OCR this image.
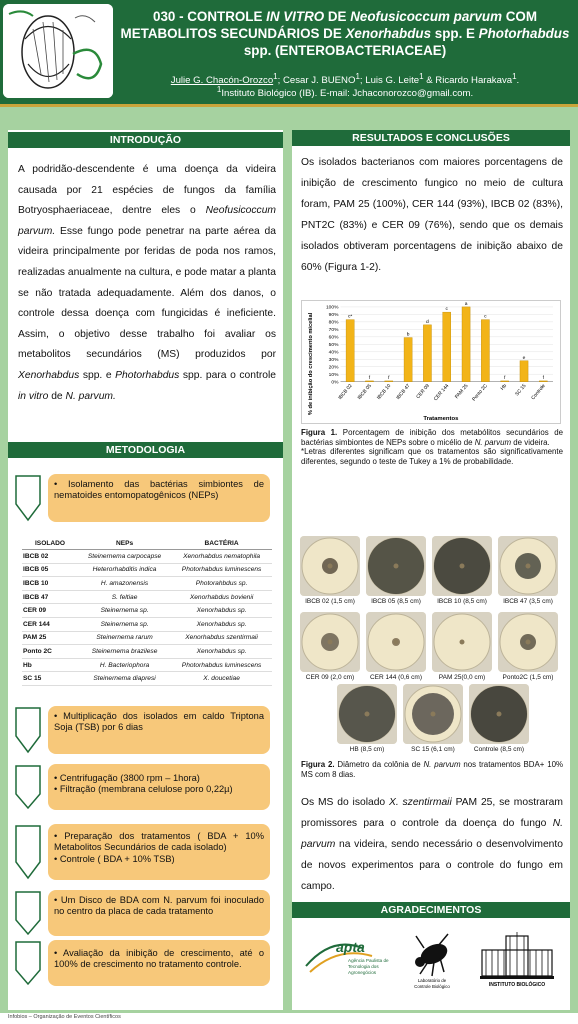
030 - CONTROLE IN VITRO DE Neofusicoccum parvum COM METABOLITOS SECUNDÁRIOS DE Xenorhabdus spp. E Photorhabdus spp. (ENTEROBACTERIACEAE)
Julie G. Chacón-Orozco$^1$; Cesar J. BUENO$^1$; Luis G. Leite$^1$ & Ricardo Harakava$^1$.
$^1$Instituto Biológico (IB). E-mail: Jchaconorozco@gmail.com.
INTRODUÇÃO
A podridão-descendente é uma doença da videira causada por 21 espécies de fungos da família Botryosphaeriaceae, dentre eles o Neofusicoccum parvum. Esse fungo pode penetrar na parte aérea da videira principalmente por feridas de poda nos ramos, realizadas anualmente na cultura, e pode matar a planta se não tratada adequadamente. Além dos danos, o controle dessa doença com fungicidas é ineficiente. Assim, o objetivo desse trabalho foi avaliar os metabolitos secundários (MS) produzidos por Xenorhabdus spp. e Photorhabdus spp. para o controle in vitro de N. parvum.
METODOLOGIA
• Isolamento das bactérias simbiontes de nematoides entomopatogênicos (NEPs)
ISOLADO	NEPs	BACTÉRIA
IBCB 02	Steinernema carpocapse	Xenorhabdus nematophila
IBCB 05	Heterorhabditis indica	Photorhabdus luminescens
IBCB 10	H. amazonensis	Photorahbdus sp.
IBCB 47	S. feltiae	Xenorhabdus bovienii
CER 09	Steinernema sp.	Xenorhabdus sp.
CER 144	Steinernema sp.	Xenorhabdus sp.
PAM 25	Steinernema rarum	Xenorhabdus szentirmaii
Ponto 2C	Steinernema brazilese	Xenorhabdus sp.
Hb	H. Bacteriophora	Photorhabdus luminescens
SC 15	Steinernema diapresi	X. doucetiae
• Multiplicação dos isolados em caldo Triptona Soja (TSB) por 6 dias
• Centrifugação (3800 rpm – 1hora)
• Filtração (membrana celulose poro 0,22µ)
• Preparação dos tratamentos ( BDA + 10% Metabolitos Secundários de cada isolado)
• Controle ( BDA + 10% TSB)
• Um Disco de BDA com N. parvum foi inoculado no centro da placa de cada tratamento
• Avaliação da inibição de crescimento, até o 100% de crescimento no tratamento controle.
RESULTADOS E CONCLUSÕES
Os isolados bacterianos com maiores porcentagens de inibição de crescimento fungico no meio de cultura foram, PAM 25 (100%), CER 144 (93%), IBCB 02 (83%), PNT2C (83%) e CER 09 (76%), sendo que os demais isolados obtiveram porcentagens de inibição abaixo de 60% (Figura 1-2).
% de inibição do crescimento micelial
Tratamentos
0%
10%
20%
30%
40%
50%
60%
70%
80%
90%
100%
c*
IBCB 02
f
IBCB 05
f
IBCB 10
b
IBCB 47
d
CER 09
c
CER 144
a
PAM 25
c
Ponto 2C
f
Hb
e
SC 15
f
Controle
Figura 1. Porcentagem de inibição dos metabólitos secundários de bactérias simbiontes de NEPs sobre o micélio de N. parvum de videira.
*Letras diferentes significam que os tratamentos são significativamente diferentes, segundo o teste de Tukey a 1% de probabilidade.
IBCB 02 (1,5 cm)	IBCB 05 (8,5 cm)	IBCB 10 (8,5 cm)	IBCB 47 (3,5 cm)
CER 09 (2,0 cm)	CER 144 (0,6 cm)	PAM 25(0,0 cm)	Ponto2C (1,5 cm)
HB (8,5 cm)	SC 15 (6,1 cm)	Controle (8,5 cm)
Figura 2. Diâmetro da colônia de N. parvum nos tratamentos BDA+ 10% MS com 8 dias.
Os MS do isolado X. szentirmaii PAM 25, se mostraram promissores para o controle da doença do fungo N. parvum na videira, sendo necessário o desenvolvimento de novos experimentos para o controle do fungo em campo.
AGRADECIMENTOS
apta
Agência Paulista de
Tecnologia dos
Agronegócios
Laboratório de
Controle Biológico	INSTITUTO BIOLÓGICO
Infobios – Organização de Eventos Científicos
